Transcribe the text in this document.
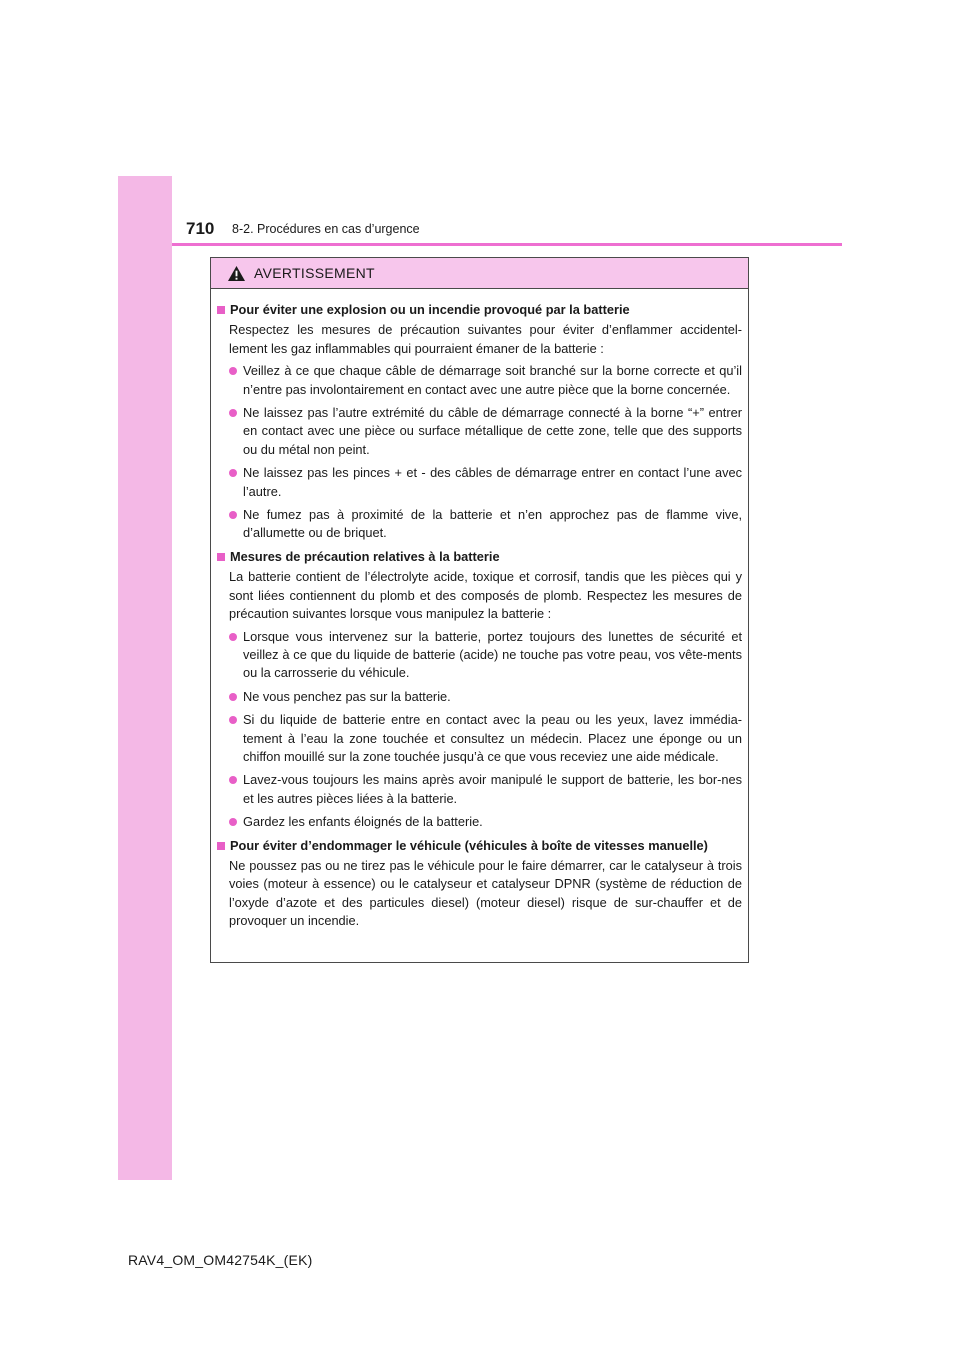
710 8-2. Procédures en cas d’urgence
AVERTISSEMENT
Pour éviter une explosion ou un incendie provoqué par la batterie
Respectez les mesures de précaution suivantes pour éviter d’enflammer accidentel-lement les gaz inflammables qui pourraient émaner de la batterie :
Veillez à ce que chaque câble de démarrage soit branché sur la borne correcte et qu’il n’entre pas involontairement en contact avec une autre pièce que la borne concernée.
Ne laissez pas l’autre extrémité du câble de démarrage connecté à la borne “+” entrer en contact avec une pièce ou surface métallique de cette zone, telle que des supports ou du métal non peint.
Ne laissez pas les pinces + et - des câbles de démarrage entrer en contact l’une avec l’autre.
Ne fumez pas à proximité de la batterie et n’en approchez pas de flamme vive, d’allumette ou de briquet.
Mesures de précaution relatives à la batterie
La batterie contient de l’électrolyte acide, toxique et corrosif, tandis que les pièces qui y sont liées contiennent du plomb et des composés de plomb. Respectez les mesures de précaution suivantes lorsque vous manipulez la batterie :
Lorsque vous intervenez sur la batterie, portez toujours des lunettes de sécurité et veillez à ce que du liquide de batterie (acide) ne touche pas votre peau, vos vête-ments ou la carrosserie du véhicule.
Ne vous penchez pas sur la batterie.
Si du liquide de batterie entre en contact avec la peau ou les yeux, lavez immédia-tement à l’eau la zone touchée et consultez un médecin. Placez une éponge ou un chiffon mouillé sur la zone touchée jusqu’à ce que vous receviez une aide médicale.
Lavez-vous toujours les mains après avoir manipulé le support de batterie, les bor-nes et les autres pièces liées à la batterie.
Gardez les enfants éloignés de la batterie.
Pour éviter d’endommager le véhicule (véhicules à boîte de vitesses manuelle)
Ne poussez pas ou ne tirez pas le véhicule pour le faire démarrer, car le catalyseur à trois voies (moteur à essence) ou le catalyseur et catalyseur DPNR (système de réduction de l’oxyde d’azote et des particules diesel) (moteur diesel) risque de sur-chauffer et de provoquer un incendie.
RAV4_OM_OM42754K_(EK)
